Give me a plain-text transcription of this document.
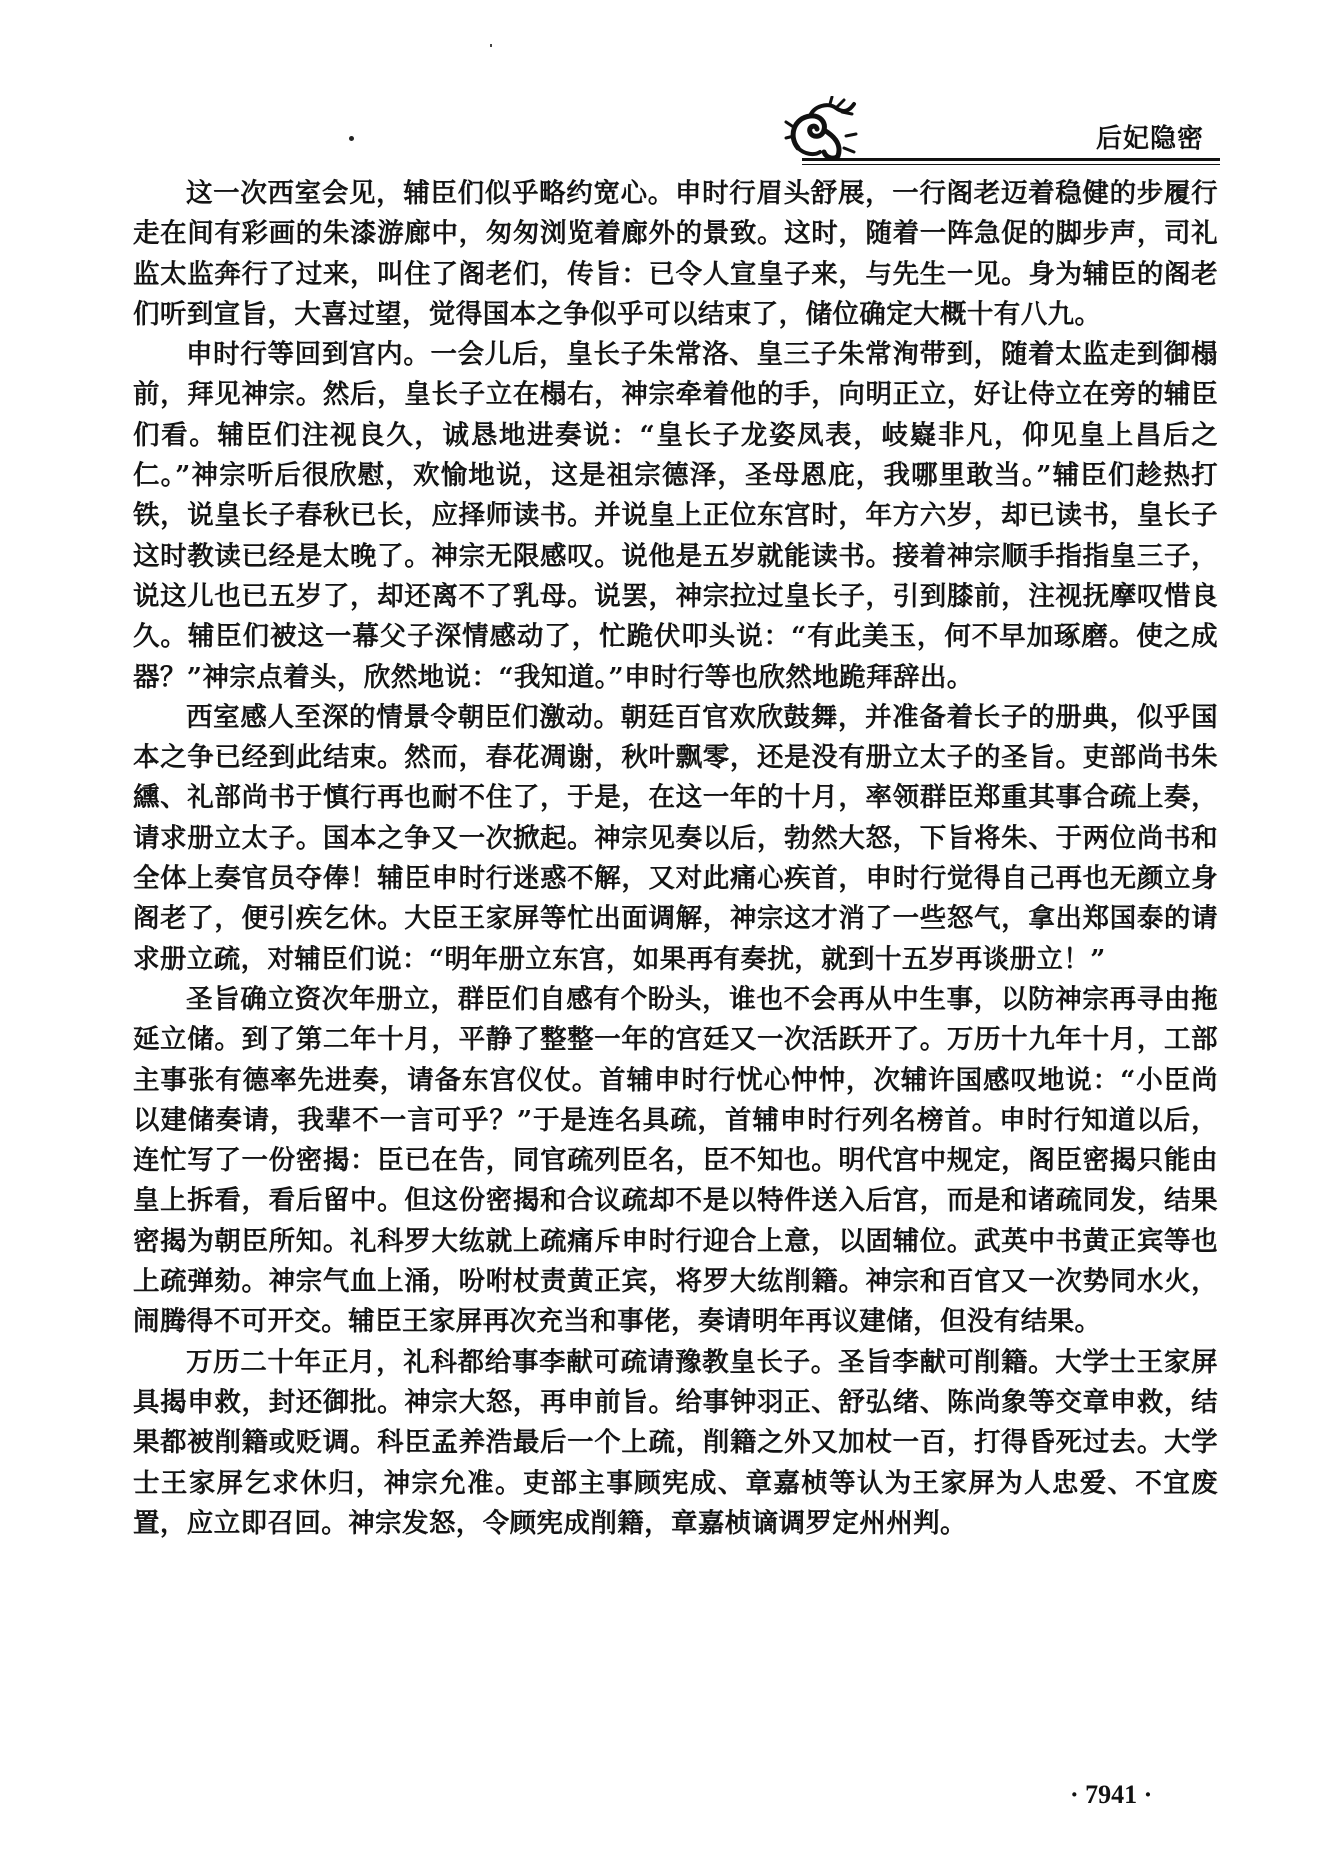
后妃隐密

这一次西室会见，辅臣们似乎略约宽心。申时行眉头舒展，一行阁老迈着稳健的步履行走在间有彩画的朱漆游廊中，匆匆浏览着廊外的景致。这时，随着一阵急促的脚步声，司礼监太监奔行了过来，叫住了阁老们，传旨：已令人宣皇子来，与先生一见。身为辅臣的阁老们听到宣旨，大喜过望，觉得国本之争似乎可以结束了，储位确定大概十有八九。

申时行等回到宫内。一会儿后，皇长子朱常洛、皇三子朱常洵带到，随着太监走到御榻前，拜见神宗。然后，皇长子立在榻右，神宗牵着他的手，向明正立，好让侍立在旁的辅臣们看。辅臣们注视良久，诚恳地进奏说：“皇长子龙姿凤表，岐嶷非凡，仰见皇上昌后之仁。”神宗听后很欣慰，欢愉地说，这是祖宗德泽，圣母恩庇，我哪里敢当。”辅臣们趁热打铁，说皇长子春秋已长，应择师读书。并说皇上正位东宫时，年方六岁，却已读书，皇长子这时教读已经是太晚了。神宗无限感叹。说他是五岁就能读书。接着神宗顺手指指皇三子，说这儿也已五岁了，却还离不了乳母。说罢，神宗拉过皇长子，引到膝前，注视抚摩叹惜良久。辅臣们被这一幕父子深情感动了，忙跪伏叩头说：“有此美玉，何不早加琢磨。使之成器？”神宗点着头，欣然地说：“我知道。”申时行等也欣然地跪拜辞出。

西室感人至深的情景令朝臣们激动。朝廷百官欢欣鼓舞，并准备着长子的册典，似乎国本之争已经到此结束。然而，春花凋谢，秋叶飘零，还是没有册立太子的圣旨。吏部尚书朱纁、礼部尚书于慎行再也耐不住了，于是，在这一年的十月，率领群臣郑重其事合疏上奏，请求册立太子。国本之争又一次掀起。神宗见奏以后，勃然大怒，下旨将朱、于两位尚书和全体上奏官员夺俸！辅臣申时行迷惑不解，又对此痛心疾首，申时行觉得自己再也无颜立身阁老了，便引疾乞休。大臣王家屏等忙出面调解，神宗这才消了一些怒气，拿出郑国泰的请求册立疏，对辅臣们说：“明年册立东宫，如果再有奏扰，就到十五岁再谈册立！”

圣旨确立资次年册立，群臣们自感有个盼头，谁也不会再从中生事，以防神宗再寻由拖延立储。到了第二年十月，平静了整整一年的宫廷又一次活跃开了。万历十九年十月，工部主事张有德率先进奏，请备东宫仪仗。首辅申时行忧心忡忡，次辅许国感叹地说：“小臣尚以建储奏请，我辈不一言可乎？”于是连名具疏，首辅申时行列名榜首。申时行知道以后，连忙写了一份密揭：臣已在告，同官疏列臣名，臣不知也。明代宫中规定，阁臣密揭只能由皇上拆看，看后留中。但这份密揭和合议疏却不是以特件送入后宫，而是和诸疏同发，结果密揭为朝臣所知。礼科罗大纮就上疏痛斥申时行迎合上意，以固辅位。武英中书黄正宾等也上疏弹劾。神宗气血上涌，吩咐杖责黄正宾，将罗大纮削籍。神宗和百官又一次势同水火，闹腾得不可开交。辅臣王家屏再次充当和事佬，奏请明年再议建储，但没有结果。

万历二十年正月，礼科都给事李献可疏请豫教皇长子。圣旨李献可削籍。大学士王家屏具揭申救，封还御批。神宗大怒，再申前旨。给事钟羽正、舒弘绪、陈尚象等交章申救，结果都被削籍或贬调。科臣孟养浩最后一个上疏，削籍之外又加杖一百，打得昏死过去。大学士王家屏乞求休归，神宗允准。吏部主事顾宪成、章嘉桢等认为王家屏为人忠爱、不宜废置，应立即召回。神宗发怒，令顾宪成削籍，章嘉桢谪调罗定州州判。

· 7941 ·
